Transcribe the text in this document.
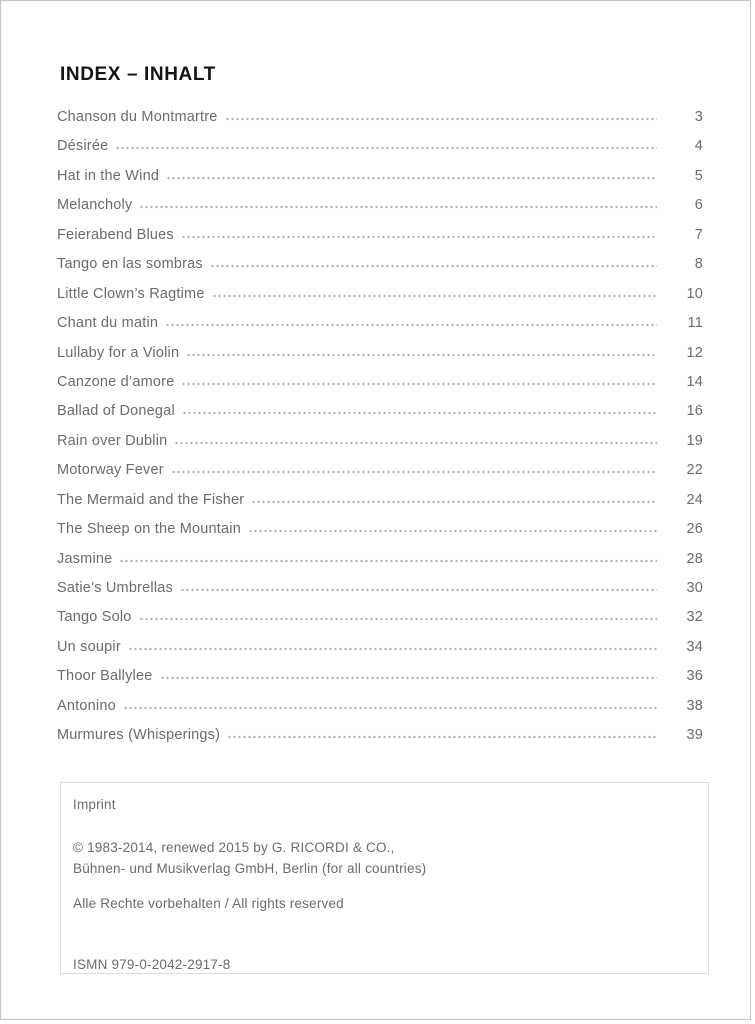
INDEX – INHALT
Chanson du Montmartre	3
Désirée	4
Hat in the Wind	5
Melancholy	6
Feierabend Blues	7
Tango en las sombras	8
Little Clown’s Ragtime	10
Chant du matin	11
Lullaby for a Violin	12
Canzone d’amore	14
Ballad of Donegal	16
Rain over Dublin	19
Motorway Fever	22
The Mermaid and the Fisher	24
The Sheep on the Mountain	26
Jasmine	28
Satie’s Umbrellas	30
Tango Solo	32
Un soupir	34
Thoor Ballylee	36
Antonino	38
Murmures (Whisperings)	39
Imprint
© 1983-2014, renewed 2015 by G. RICORDI & CO.,
Bühnen- und Musikverlag GmbH, Berlin (for all countries)
Alle Rechte vorbehalten / All rights reserved
ISMN 979-0-2042-2917-8
